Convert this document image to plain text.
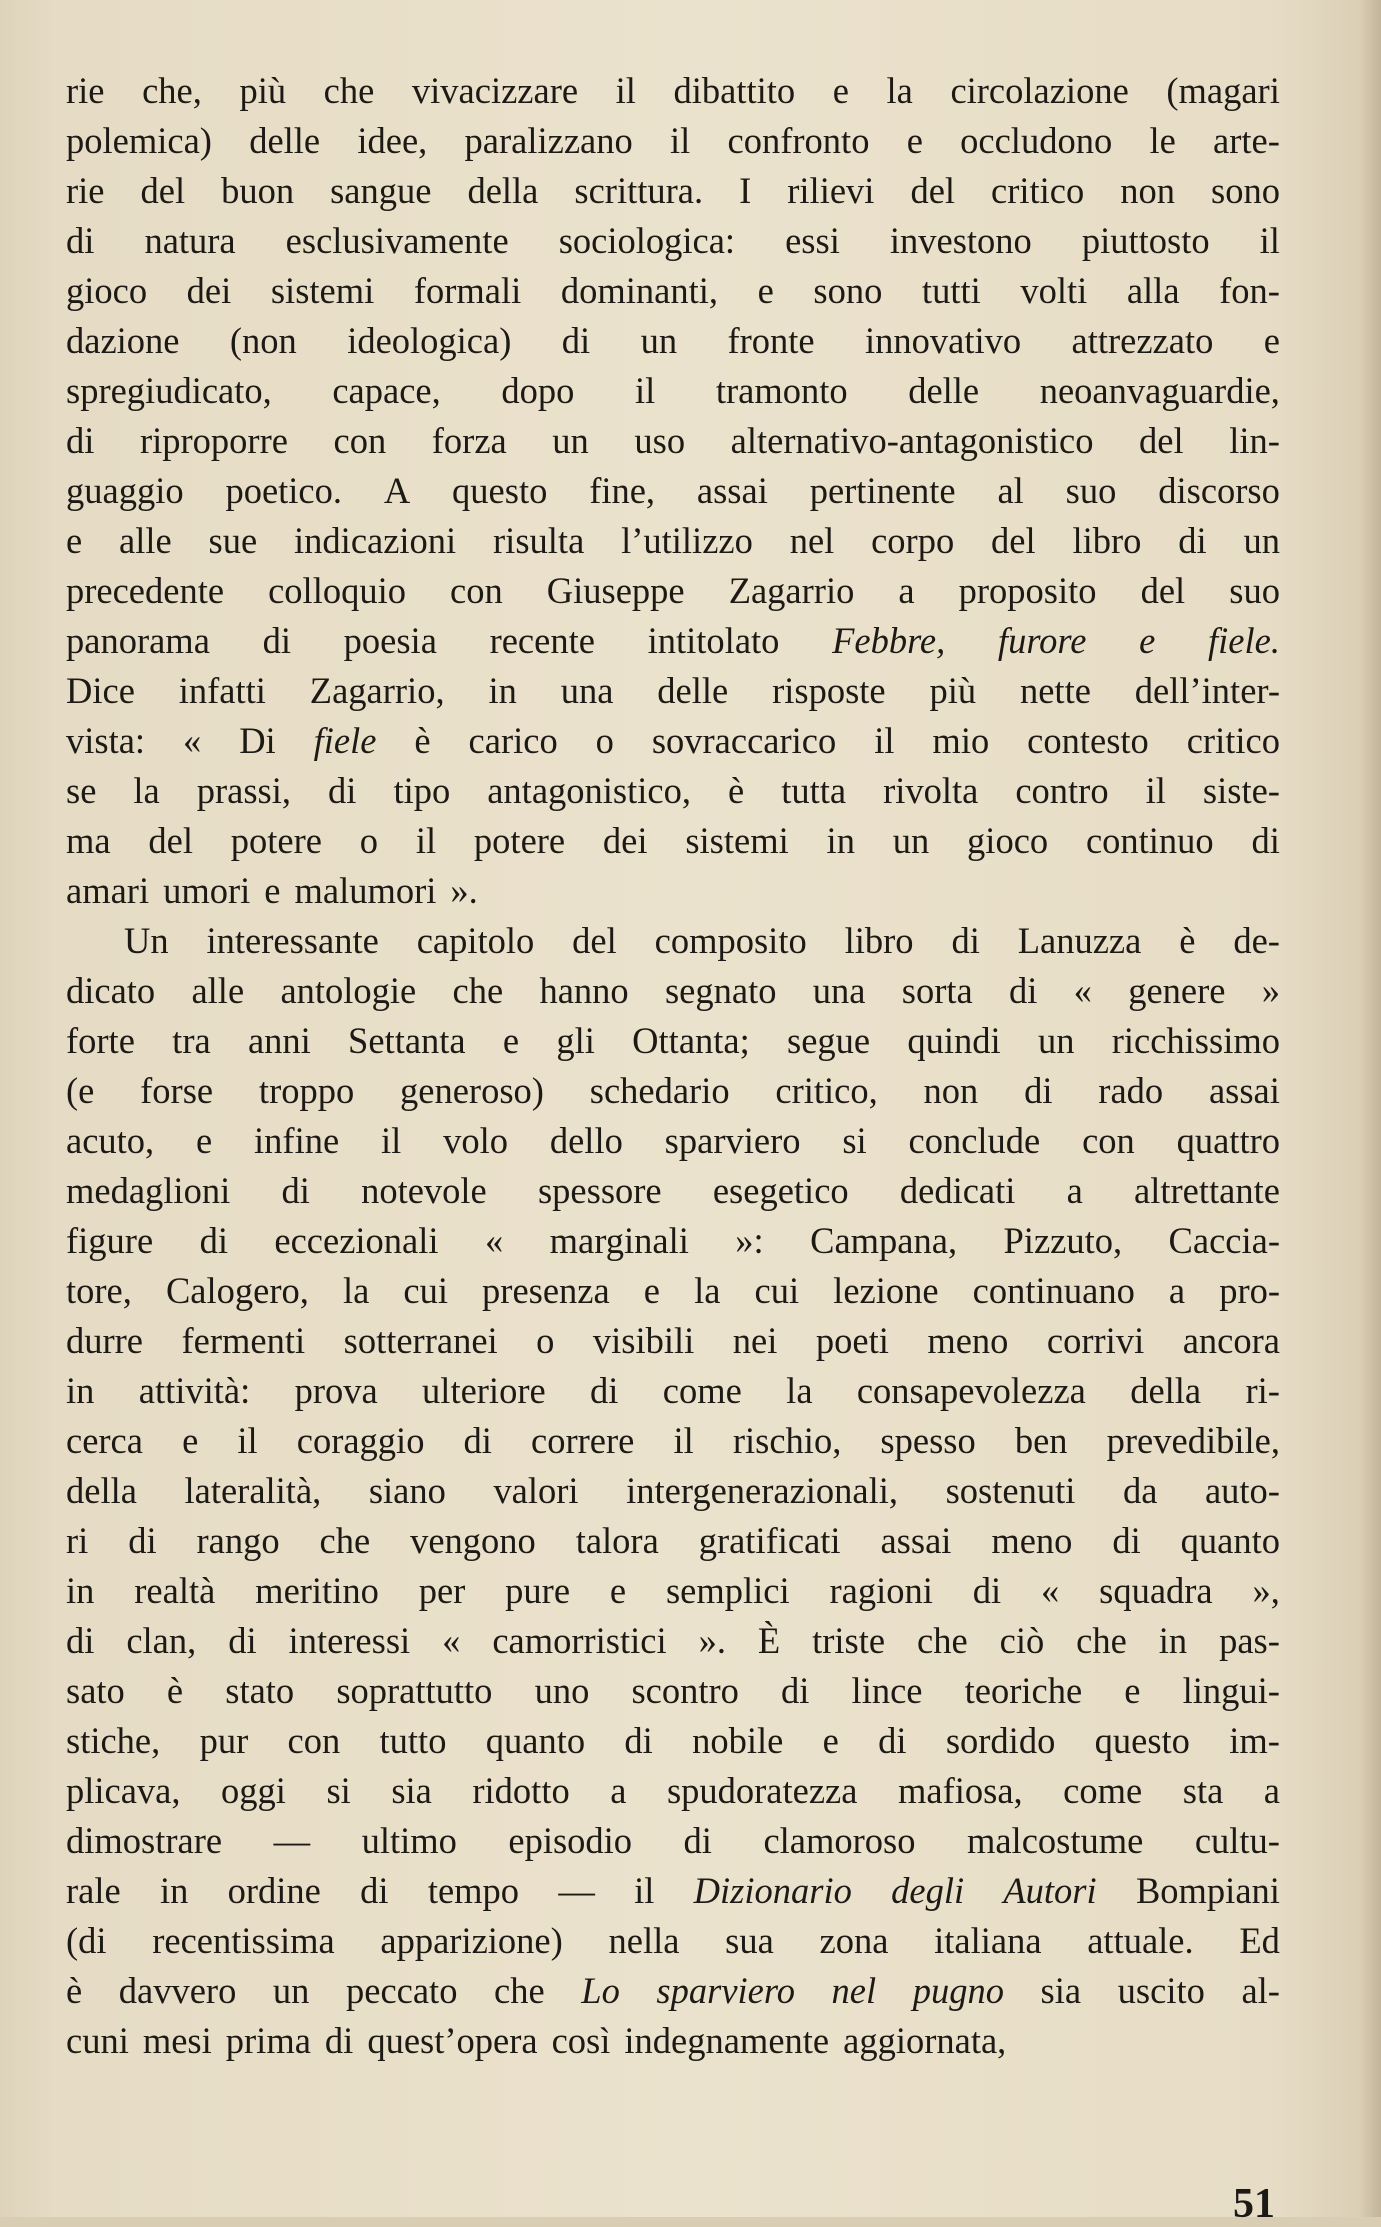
rie che, più che vivacizzare il dibattito e la circolazione (magari
polemica) delle idee, paralizzano il confronto e occludono le arte-
rie del buon sangue della scrittura. I rilievi del critico non sono
di natura esclusivamente sociologica: essi investono piuttosto il
gioco dei sistemi formali dominanti, e sono tutti volti alla fon-
dazione (non ideologica) di un fronte innovativo attrezzato e
spregiudicato, capace, dopo il tramonto delle neoanvaguardie,
di riproporre con forza un uso alternativo-antagonistico del lin-
guaggio poetico. A questo fine, assai pertinente al suo discorso
e alle sue indicazioni risulta l’utilizzo nel corpo del libro di un
precedente colloquio con Giuseppe Zagarrio a proposito del suo
panorama di poesia recente intitolato Febbre, furore e fiele.
Dice infatti Zagarrio, in una delle risposte più nette dell’inter-
vista: « Di fiele è carico o sovraccarico il mio contesto critico
se la prassi, di tipo antagonistico, è tutta rivolta contro il siste-
ma del potere o il potere dei sistemi in un gioco continuo di
amari umori e malumori ».
Un interessante capitolo del composito libro di Lanuzza è de-
dicato alle antologie che hanno segnato una sorta di « genere »
forte tra anni Settanta e gli Ottanta; segue quindi un ricchissimo
(e forse troppo generoso) schedario critico, non di rado assai
acuto, e infine il volo dello sparviero si conclude con quattro
medaglioni di notevole spessore esegetico dedicati a altrettante
figure di eccezionali « marginali »: Campana, Pizzuto, Caccia-
tore, Calogero, la cui presenza e la cui lezione continuano a pro-
durre fermenti sotterranei o visibili nei poeti meno corrivi ancora
in attività: prova ulteriore di come la consapevolezza della ri-
cerca e il coraggio di correre il rischio, spesso ben prevedibile,
della lateralità, siano valori intergenerazionali, sostenuti da auto-
ri di rango che vengono talora gratificati assai meno di quanto
in realtà meritino per pure e semplici ragioni di « squadra »,
di clan, di interessi « camorristici ». È triste che ciò che in pas-
sato è stato soprattutto uno scontro di lince teoriche e lingui-
stiche, pur con tutto quanto di nobile e di sordido questo im-
plicava, oggi si sia ridotto a spudoratezza mafiosa, come sta a
dimostrare — ultimo episodio di clamoroso malcostume cultu-
rale in ordine di tempo — il Dizionario degli Autori Bompiani
(di recentissima apparizione) nella sua zona italiana attuale. Ed
è davvero un peccato che Lo sparviero nel pugno sia uscito al-
cuni mesi prima di quest’opera così indegnamente aggiornata,
51
